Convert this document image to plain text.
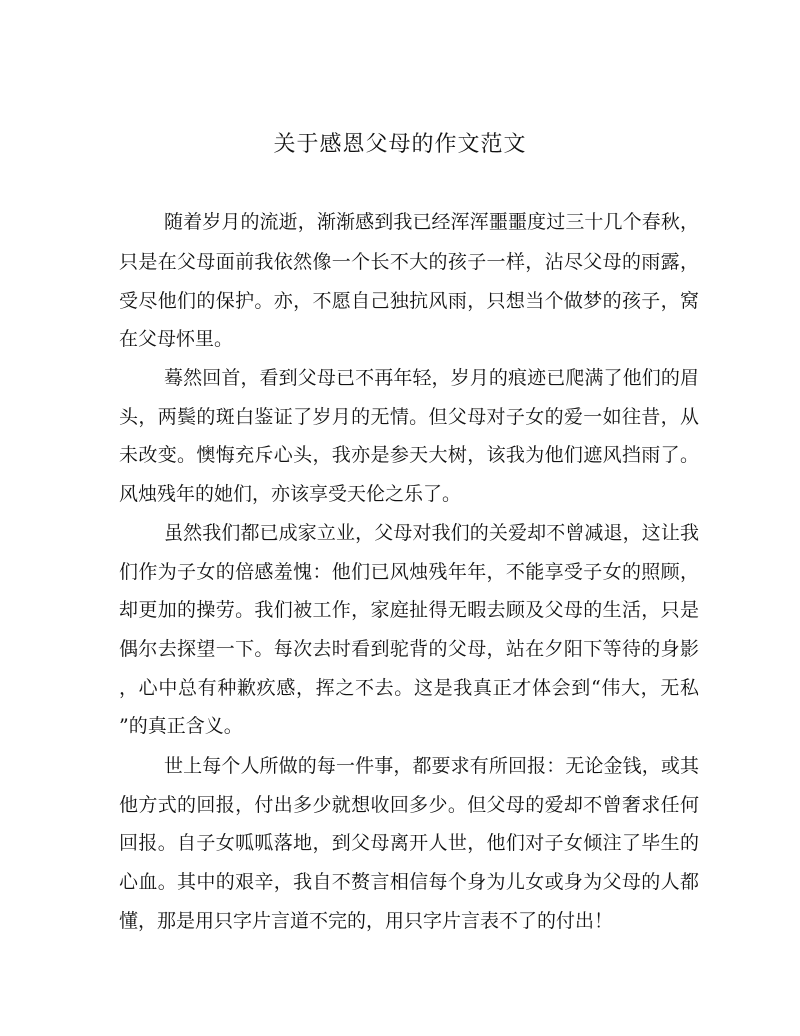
关于感恩父母的作文范文
随着岁月的流逝，渐渐感到我已经浑浑噩噩度过三十几个春秋，
只是在父母面前我依然像一个长不大的孩子一样，沾尽父母的雨露，
受尽他们的保护。亦，不愿自己独抗风雨，只想当个做梦的孩子，窝
在父母怀里。
蓦然回首，看到父母已不再年轻，岁月的痕迹已爬满了他们的眉
头，两鬓的斑白鉴证了岁月的无情。但父母对子女的爱一如往昔，从
未改变。懊悔充斥心头，我亦是参天大树，该我为他们遮风挡雨了。
风烛残年的她们，亦该享受天伦之乐了。
虽然我们都已成家立业，父母对我们的关爱却不曾减退，这让我
们作为子女的倍感羞愧：他们已风烛残年年，不能享受子女的照顾，
却更加的操劳。我们被工作，家庭扯得无暇去顾及父母的生活，只是
偶尔去探望一下。每次去时看到驼背的父母，站在夕阳下等待的身影
，心中总有种歉疚感，挥之不去。这是我真正才体会到“伟大，无私
”的真正含义。
世上每个人所做的每一件事，都要求有所回报：无论金钱，或其
他方式的回报，付出多少就想收回多少。但父母的爱却不曾奢求任何
回报。自子女呱呱落地，到父母离开人世，他们对子女倾注了毕生的
心血。其中的艰辛，我自不赘言相信每个身为儿女或身为父母的人都
懂，那是用只字片言道不完的，用只字片言表不了的付出！
